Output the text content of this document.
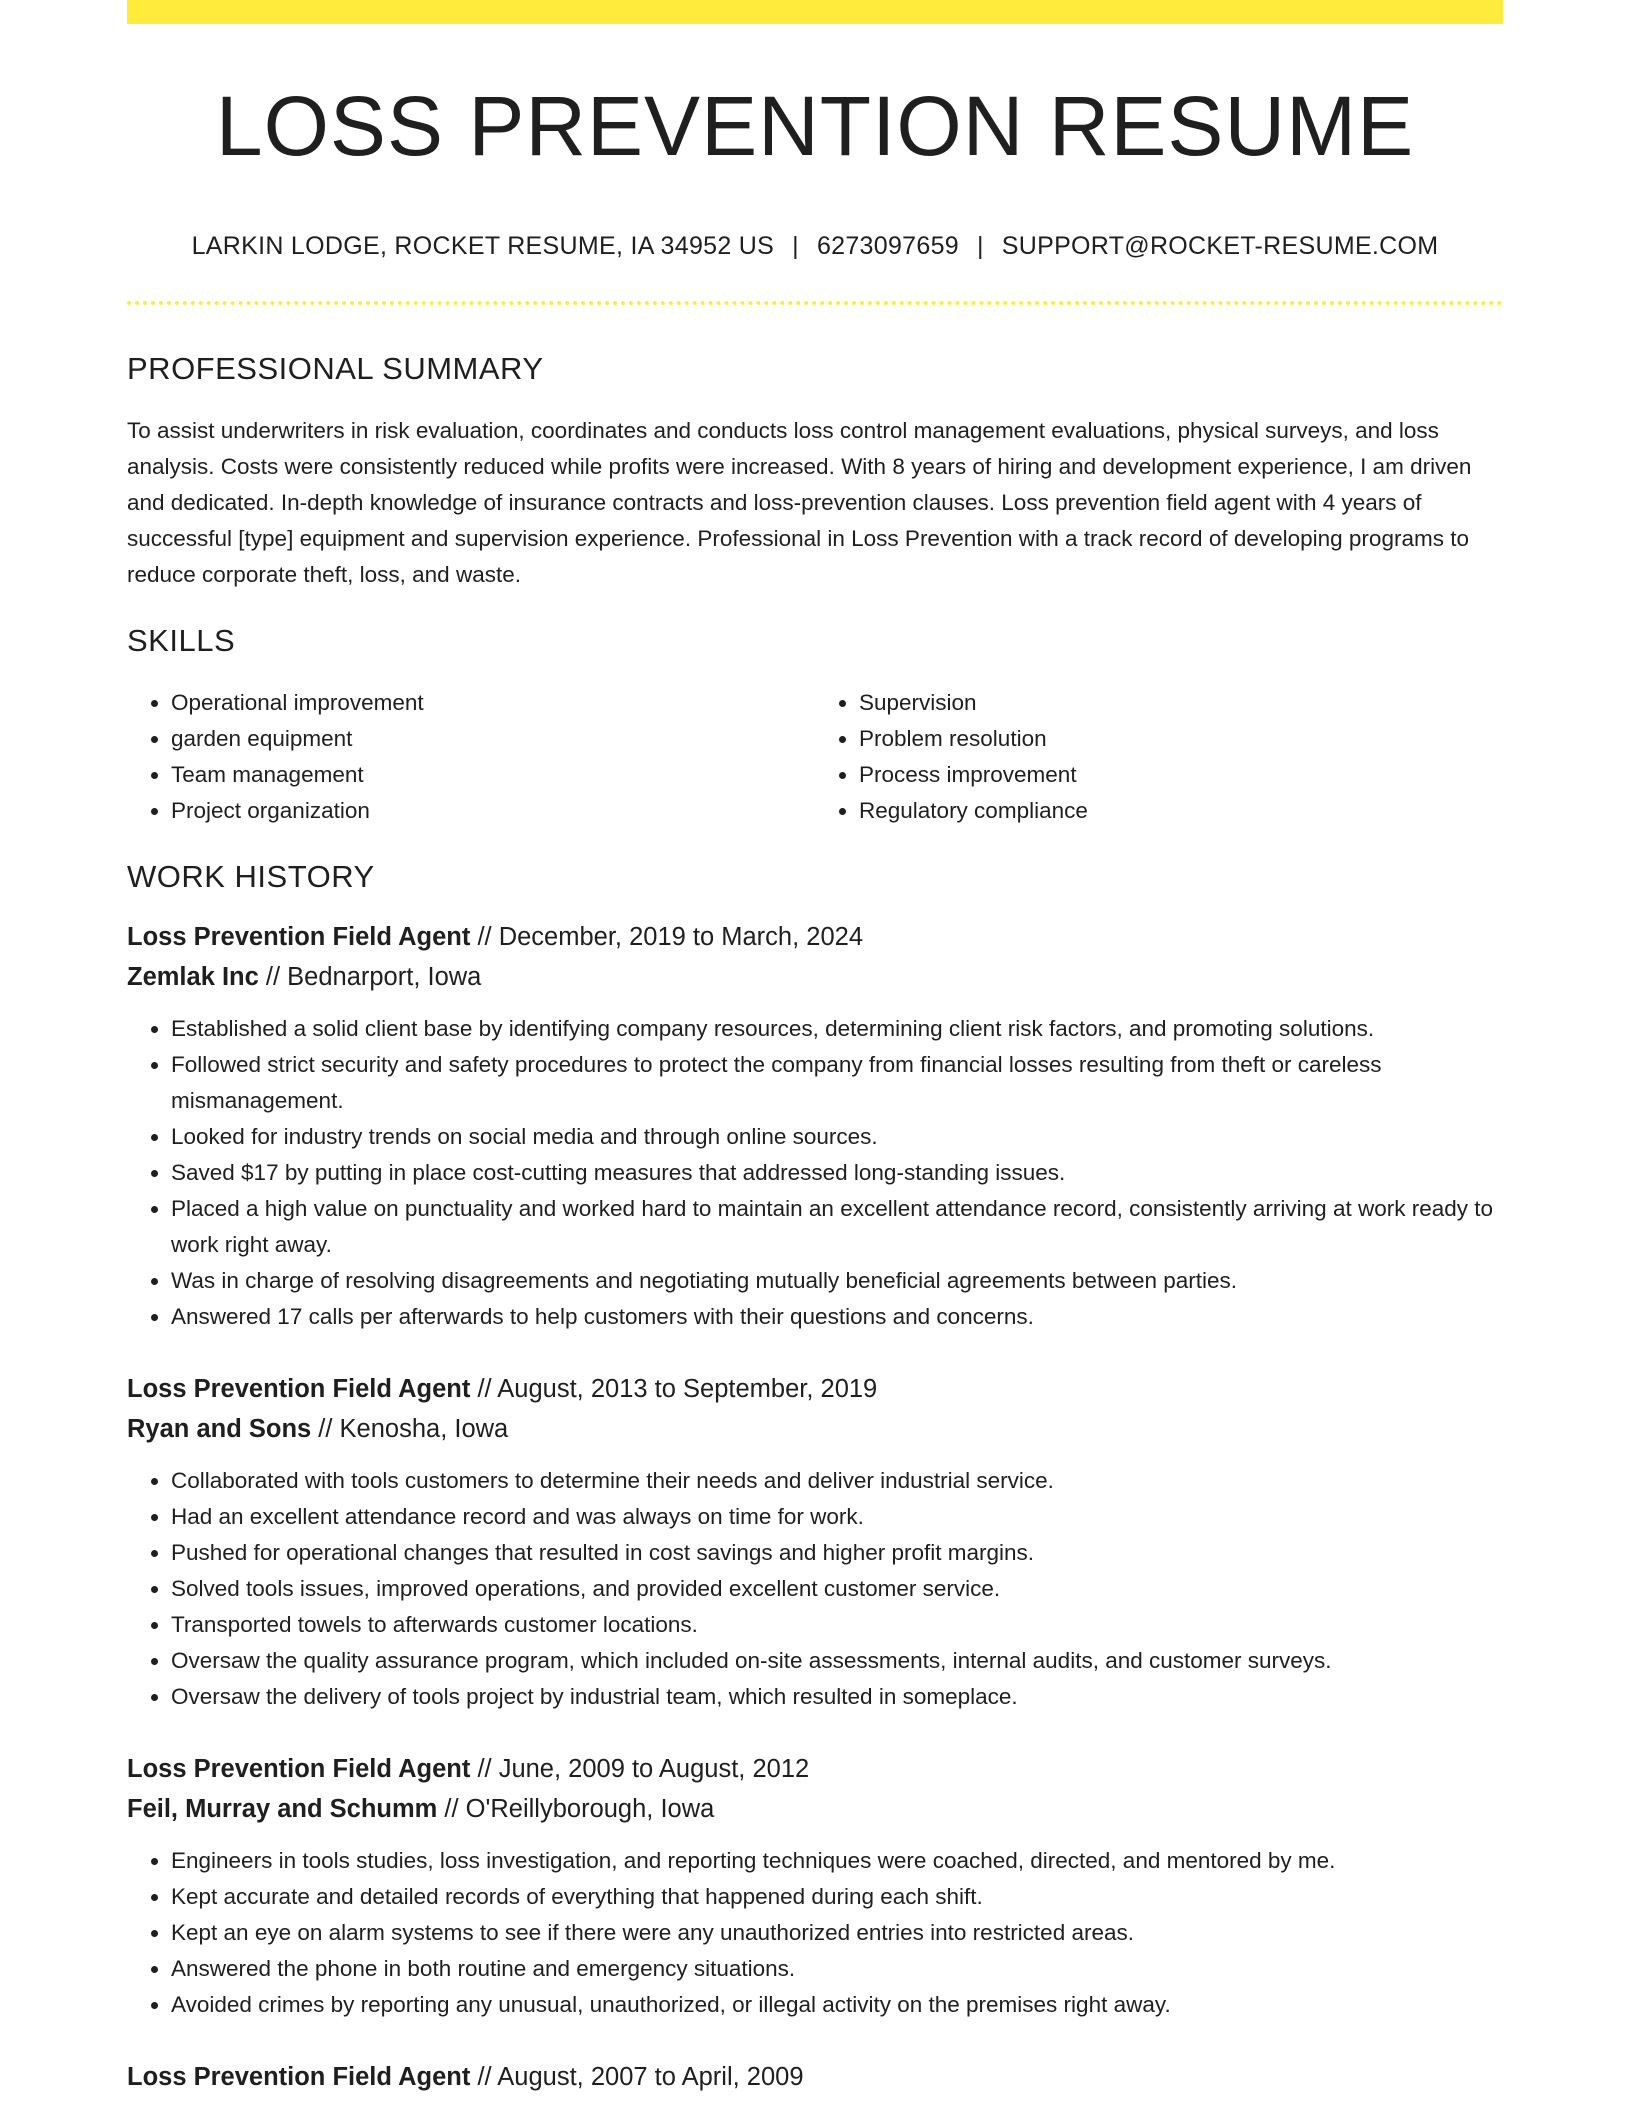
LOSS PREVENTION RESUME
LARKIN LODGE, ROCKET RESUME, IA 34952 US | 6273097659 | SUPPORT@ROCKET-RESUME.COM
PROFESSIONAL SUMMARY

To assist underwriters in risk evaluation, coordinates and conducts loss control management evaluations, physical surveys, and loss analysis. Costs were consistently reduced while profits were increased. With 8 years of hiring and development experience, I am driven and dedicated. In-depth knowledge of insurance contracts and loss-prevention clauses. Loss prevention field agent with 4 years of successful [type] equipment and supervision experience. Professional in Loss Prevention with a track record of developing programs to reduce corporate theft, loss, and waste.

SKILLS
• Operational improvement
• garden equipment
• Team management
• Project organization
• Supervision
• Problem resolution
• Process improvement
• Regulatory compliance
WORK HISTORY
Loss Prevention Field Agent // December, 2019 to March, 2024
Zemlak Inc // Bednarport, Iowa
• Established a solid client base by identifying company resources, determining client risk factors, and promoting solutions.
• Followed strict security and safety procedures to protect the company from financial losses resulting from theft or careless mismanagement.
• Looked for industry trends on social media and through online sources.
• Saved $17 by putting in place cost-cutting measures that addressed long-standing issues.
• Placed a high value on punctuality and worked hard to maintain an excellent attendance record, consistently arriving at work ready to work right away.
• Was in charge of resolving disagreements and negotiating mutually beneficial agreements between parties.
• Answered 17 calls per afterwards to help customers with their questions and concerns.
Loss Prevention Field Agent // August, 2013 to September, 2019
Ryan and Sons // Kenosha, Iowa
• Collaborated with tools customers to determine their needs and deliver industrial service.
• Had an excellent attendance record and was always on time for work.
• Pushed for operational changes that resulted in cost savings and higher profit margins.
• Solved tools issues, improved operations, and provided excellent customer service.
• Transported towels to afterwards customer locations.
• Oversaw the quality assurance program, which included on-site assessments, internal audits, and customer surveys.
• Oversaw the delivery of tools project by industrial team, which resulted in someplace.
Loss Prevention Field Agent // June, 2009 to August, 2012
Feil, Murray and Schumm // O'Reillyborough, Iowa
• Engineers in tools studies, loss investigation, and reporting techniques were coached, directed, and mentored by me.
• Kept accurate and detailed records of everything that happened during each shift.
• Kept an eye on alarm systems to see if there were any unauthorized entries into restricted areas.
• Answered the phone in both routine and emergency situations.
• Avoided crimes by reporting any unusual, unauthorized, or illegal activity on the premises right away.
Loss Prevention Field Agent // August, 2007 to April, 2009
